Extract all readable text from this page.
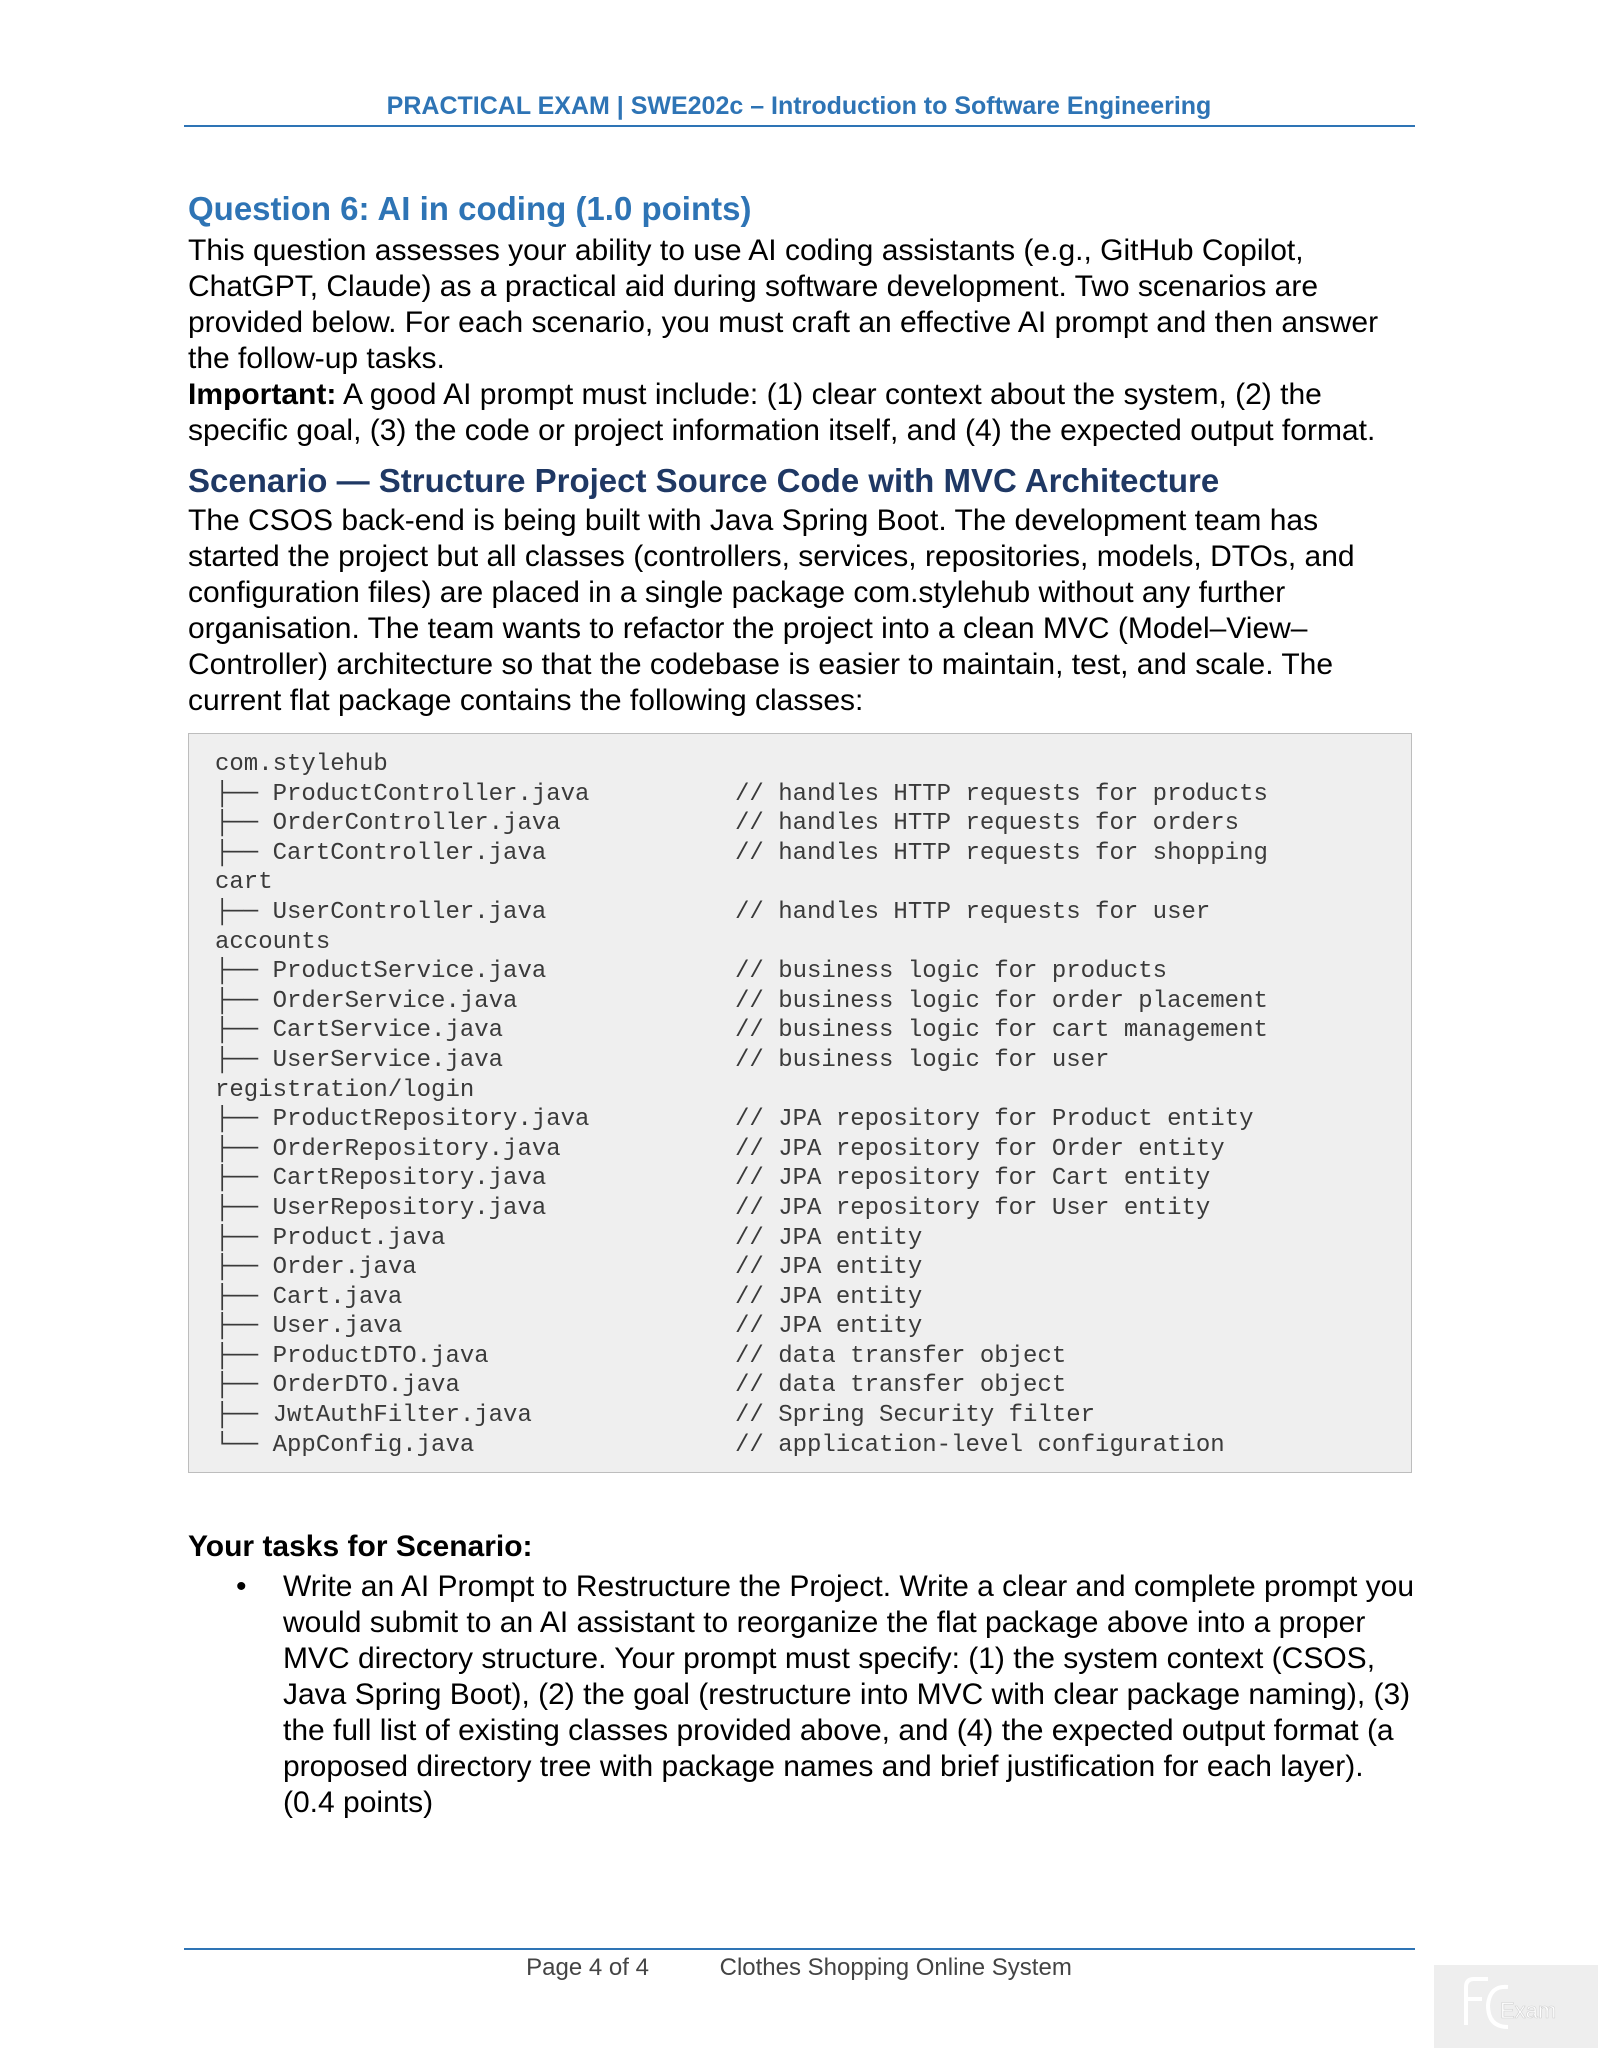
PRACTICAL EXAM | SWE202c – Introduction to Software Engineering
Question 6: AI in coding (1.0 points)

This question assesses your ability to use AI coding assistants (e.g., GitHub Copilot, ChatGPT, Claude) as a practical aid during software development. Two scenarios are provided below. For each scenario, you must craft an effective AI prompt and then answer the follow-up tasks.

Important: A good AI prompt must include: (1) clear context about the system, (2) the specific goal, (3) the code or project information itself, and (4) the expected output format.

Scenario — Structure Project Source Code with MVC Architecture

The CSOS back-end is being built with Java Spring Boot. The development team has started the project but all classes (controllers, services, repositories, models, DTOs, and configuration files) are placed in a single package com.stylehub without any further organisation. The team wants to refactor the project into a clean MVC (Model–View–Controller) architecture so that the codebase is easier to maintain, test, and scale. The current flat package contains the following classes:

com.stylehub
├── ProductController.java	// handles HTTP requests for products
├── OrderController.java	// handles HTTP requests for orders
├── CartController.java	// handles HTTP requests for shopping
cart
├── UserController.java	// handles HTTP requests for user
accounts
├── ProductService.java	// business logic for products
├── OrderService.java	// business logic for order placement
├── CartService.java	// business logic for cart management
├── UserService.java	// business logic for user
registration/login
├── ProductRepository.java	// JPA repository for Product entity
├── OrderRepository.java	// JPA repository for Order entity
├── CartRepository.java	// JPA repository for Cart entity
├── UserRepository.java	// JPA repository for User entity
├── Product.java	// JPA entity
├── Order.java	// JPA entity
├── Cart.java	// JPA entity
├── User.java	// JPA entity
├── ProductDTO.java	// data transfer object
├── OrderDTO.java	// data transfer object
├── JwtAuthFilter.java	// Spring Security filter
└── AppConfig.java	// application-level configuration
Your tasks for Scenario:
• Write an AI Prompt to Restructure the Project. Write a clear and complete prompt you would submit to an AI assistant to reorganize the flat package above into a proper MVC directory structure. Your prompt must specify: (1) the system context (CSOS, Java Spring Boot), (2) the goal (restructure into MVC with clear package naming), (3) the full list of existing classes provided above, and (4) the expected output format (a proposed directory tree with package names and brief justification for each layer). (0.4 points)
Page 4 of 4	Clothes Shopping Online System
Exam
